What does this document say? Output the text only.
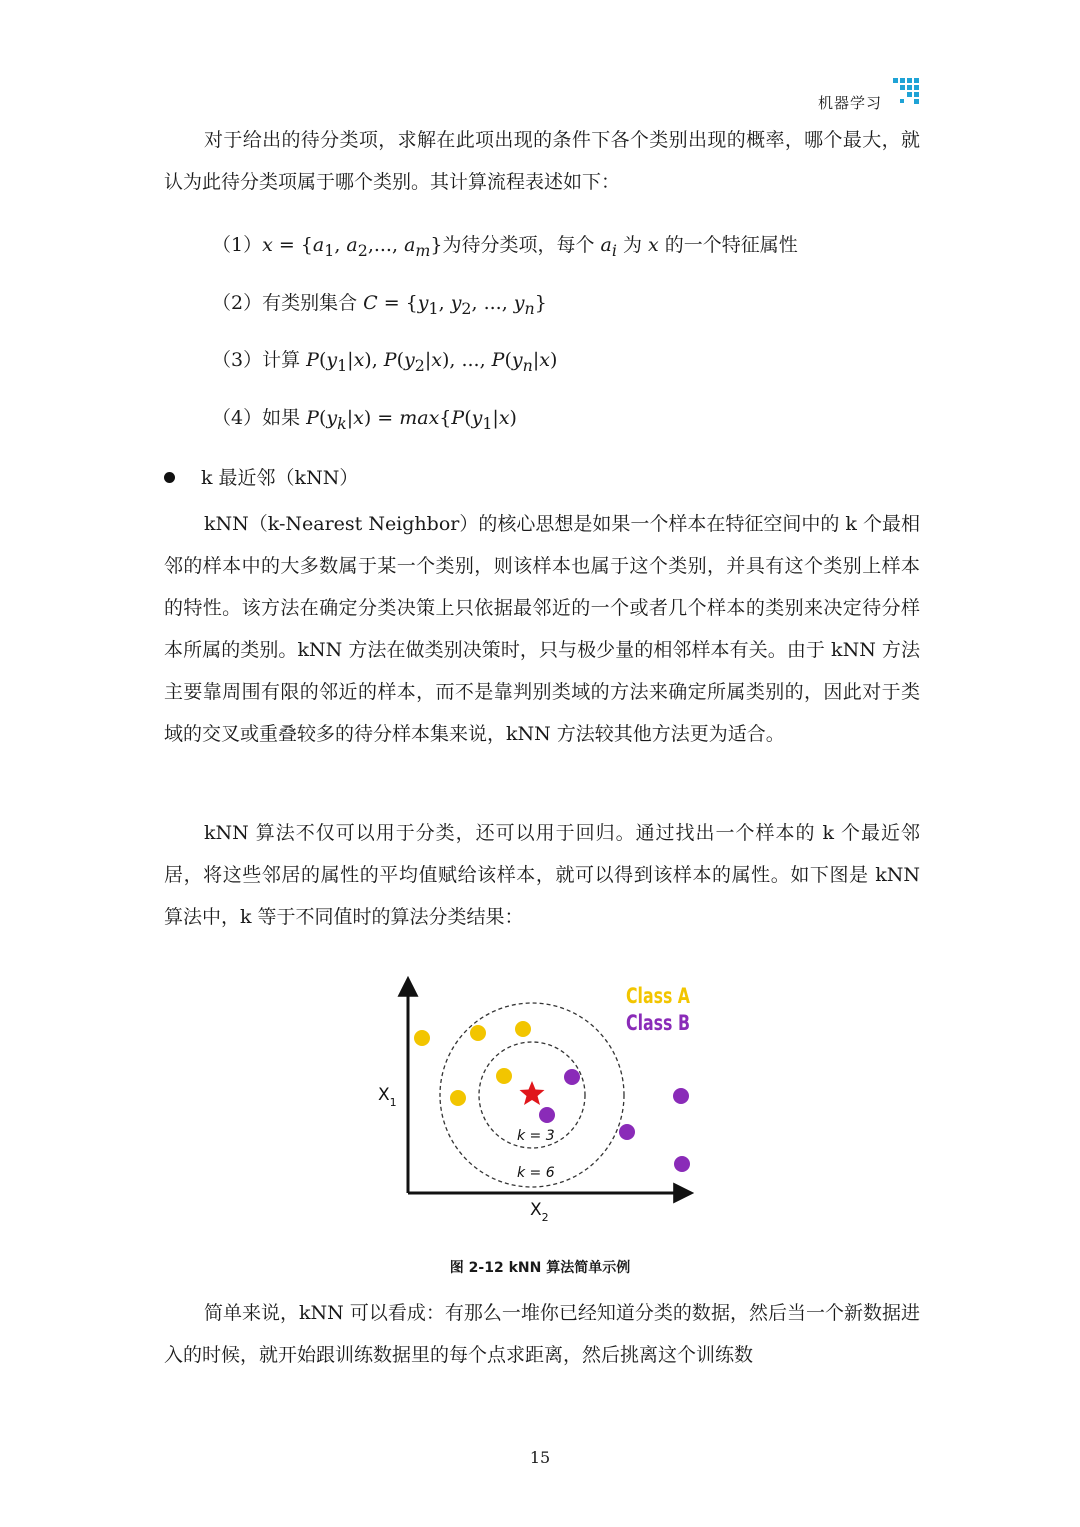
机器学习

对于给出的待分类项，求解在此项出现的条件下各个类别出现的概率，哪个最大，就认为此待分类项属于哪个类别。其计算流程表述如下：

$(1)x = \{a_1$, $a_2$,..., $a_m$}为待分类项，每个 $a_i$ 为 x 的一个特征属性
（2）有类别集合 $C = \{y_1$, $y_2$, ..., $y_n$}
（3）计算 $P(y_1|x)$, $P(y_2|x)$, ..., $P(y_n|x)$
（4）如果 $P(y_k|x) = \max\{P(y_1|x)$
k 最近邻（kNN）

kNN（k-Nearest Neighbor）的核心思想是如果一个样本在特征空间中的 k 个最相邻的样本中的大多数属于某一个类别，则该样本也属于这个类别，并具有这个类别上样本的特性。该方法在确定分类决策上只依据最邻近的一个或者几个样本的类别来决定待分样本所属的类别。kNN 方法在做类别决策时，只与极少量的相邻样本有关。由于 kNN 方法主要靠周围有限的邻近的样本，而不是靠判别类域的方法来确定所属类别的，因此对于类域的交叉或重叠较多的待分样本集来说，kNN 方法较其他方法更为适合。

kNN 算法不仅可以用于分类，还可以用于回归。通过找出一个样本的 k 个最近邻居，将这些邻居的属性的平均值赋给该样本，就可以得到该样本的属性。如下图是 kNN 算法中，k 等于不同值时的算法分类结果：

k = 3
k = 6
Class A
Class B
$X_1$
$X_2$
图 2-12 kNN 算法简单示例

简单来说，kNN 可以看成：有那么一堆你已经知道分类的数据，然后当一个新数据进入的时候，就开始跟训练数据里的每个点求距离，然后挑离这个训练数

15
